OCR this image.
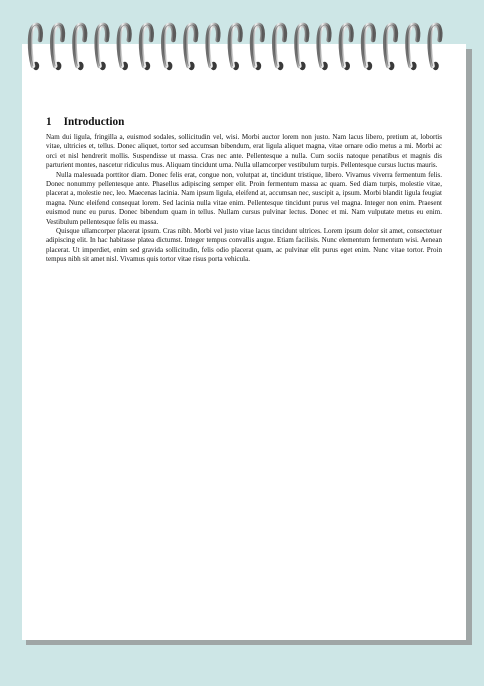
1 Introduction

Nam dui ligula, fringilla a, euismod sodales, sollicitudin vel, wisi. Morbi auctor lorem non justo. Nam lacus libero, pretium at, lobortis vitae, ultricies et, tellus. Donec aliquet, tortor sed accumsan bibendum, erat ligula aliquet magna, vitae ornare odio metus a mi. Morbi ac orci et nisl hendrerit mollis. Suspendisse ut massa. Cras nec ante. Pellentesque a nulla. Cum sociis natoque penatibus et magnis dis parturient montes, nascetur ridiculus mus. Aliquam tincidunt urna. Nulla ullamcorper vestibulum turpis. Pellentesque cursus luctus mauris.

Nulla malesuada porttitor diam. Donec felis erat, congue non, volutpat at, tincidunt tristique, libero. Vivamus viverra fermentum felis. Donec nonummy pellentesque ante. Phasellus adipiscing semper elit. Proin fermentum massa ac quam. Sed diam turpis, molestie vitae, placerat a, molestie nec, leo. Maecenas lacinia. Nam ipsum ligula, eleifend at, accumsan nec, suscipit a, ipsum. Morbi blandit ligula feugiat magna. Nunc eleifend consequat lorem. Sed lacinia nulla vitae enim. Pellentesque tincidunt purus vel magna. Integer non enim. Praesent euismod nunc eu purus. Donec bibendum quam in tellus. Nullam cursus pulvinar lectus. Donec et mi. Nam vulputate metus eu enim. Vestibulum pellentesque felis eu massa.

Quisque ullamcorper placerat ipsum. Cras nibh. Morbi vel justo vitae lacus tincidunt ultrices. Lorem ipsum dolor sit amet, consectetuer adipiscing elit. In hac habitasse platea dictumst. Integer tempus convallis augue. Etiam facilisis. Nunc elementum fermentum wisi. Aenean placerat. Ut imperdiet, enim sed gravida sollicitudin, felis odio placerat quam, ac pulvinar elit purus eget enim. Nunc vitae tortor. Proin tempus nibh sit amet nisl. Vivamus quis tortor vitae risus porta vehicula.
